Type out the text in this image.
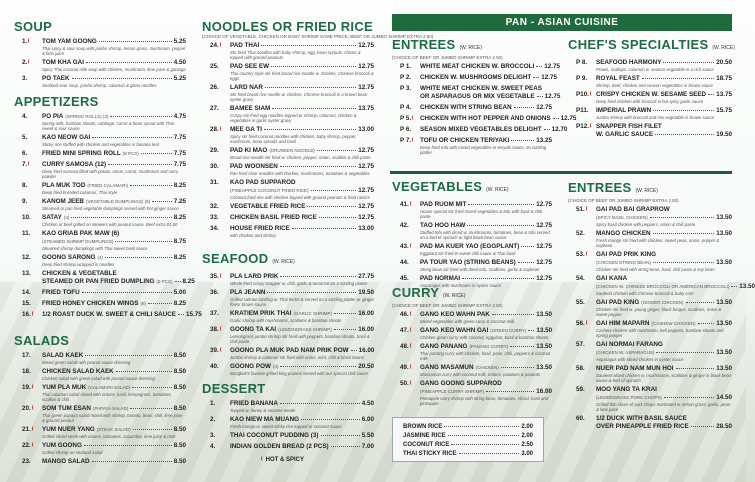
PAN - ASIAN CUISINE
SOUP
1.	TOM YAM GOONG	5.25
Thai spicy & sour soup with jumbo shrimp, lemon grass, mushroom, pepper & lime juice
2.	TOM KHA GAI	4.50
Spicy Thai coconut milk soup with chicken, mushroom, lime juice & galanga
3.	PO TAEK	5.25
Seafood sour soup, jumbo shrimp, calamari & glass noodles
APPETIZERS
4.	PO PIA (SPRING ROLLS) (3)	4.75
Spring rolls, bamboo shoots, cabbage, carrot & bean sprout with Thai sweet & sour sauce
5.	KAO NEOW GAI	7.75
Sticky rice stuffed with chicken and vegetables in banana leaf
6.	FRIED MINI SPRING ROLL (8 PCS)	7.75
7.	CURRY SAMOSA (12)	7.75
Deep fried samosa filled with potato, onion, carrot, mushroom and curry powder
8.	PLA MUK TOD (FRIED CALAMARI)	8.25
Deep fried breaded calamari, Thai style
9.	KANOM JEEB (VEGETABLE DUMPLINGS) (8)	7.25
Steamed or pan fried vegetable dumplings served with hot ginger sauce
10.	SATAY (4)	8.25
Chicken or beef grilled on skewers with peanut sauce. Beef extra $1.00
11.	KAO GRIAB PAK MAW (6)
(STEAMED SHRIMP DUMPLINGS)	8.75
Steamed shrimp dumplings with Thai sweet basil sauce
12.	GOONG SARONG (4)	8.25
Deep fried shrimp wrapped in noodles
13.	CHICKEN & VEGETABLE
STEAMED OR PAN FRIED DUMPLING (8 PCS) 8.25
14.	FRIED TOFU	5.00
15.	FRIED HONEY CHICKEN WINGS (8)	8.25
16.	1/2 ROAST DUCK W. SWEET & CHILI SAUCE 15.75
SALADS
17.	SALAD KAEK	8.50
Mixed green salad with peanut sauce dressing
18.	CHICKEN SALAD KAEK	8.50
Chicken salad with green salad with peanut sauce dressing
19.	YUM PLA MUK (CALAMARI SALAD)	8.50
Thai calamari salad mixed with onions, basil, lemongrass, tomatoes, scallion & chili
20.	SOM TUM ESAN (PAPAYA SALAD)	8.50
Thai green papaya salad mixed with shrimp, tomato, bean, chili, lime juice & ground peanut
21.	YUM NUER YANG (STEAK SALAD)	8.50
Grilled sliced steak with onions, tomatoes, cucumber, lime juice & mint
22.	YUM GOONG	8.50
Grilled shrimp on seafood salad
23.	MANGO SALAD	8.50
NOODLES OR FRIED RICE
(CHOICE OF VEGETABLE, CHICKEN OR BABY SHRIMP SAME PRICE, BEEF OR JUMBO SHRIMP EXTRA 2.50)
24.	PAD THAI	12.75
Stir fried Thai noodles with baby shrimp, egg, bean sprouts, chives & topped with ground peanuts
25.	PAD SEE EW	12.75
Thai country style stir fried broad rice noodle w. chicken, Chinese broccoli & eggs
26.	LARD NAR	12.75
Stir fried broad rice noodle w. chicken, Chinese broccoli in a brown bean oyster gravy
27.	BAMEE SIAM	13.75
Crispy stir fried egg noodles topped w. shrimp, calamari, chicken & vegetables in garlic oyster gravy
28.	MEE GA TI	13.00
Spicy stir fried coconut noodles with chicken, baby shrimp, pepper, mushroom, bean sprouts and basil
29.	PAD KI MAO (DRUNKEN NOODLE)	12.75
Broad rice noodle stir fried w. chicken, pepper, onion, scallion & chili paste
30.	PAD WOONSEN	12.75
Pan fried clear noodles with chicken, mushrooms, tomatoes & vegetables
31.	KAO PAD SUPPAROD
(PINEAPPLE COCONUT FRIED RICE)	12.75
Coconut fried rice with chicken topped with ground peanuts & fried raisins
32.	VEGETABLE FRIED RICE	12.75
33.	CHICKEN BASIL FRIED RICE	12.75
34.	HOUSE FRIED RICE	13.00
with chicken and shrimp
SEAFOOD (W. RICE)
35.	PLA LARD PRIK	27.75
Whole fried crispy snapper w. chili, garlic & tamarind on a sizzling platter
36.	PLA JEANN	19.50
Grilled salmon sizzling w. Thai herbs & served on a sizzling platter w. ginger flavor brown sauce
37.	KRATIEM PRIK THAI (GARLIC SHRIMP)	16.00
Garlic shrimp with mushrooms, scallions & bamboo shoots
38.	GOONG TA KAI (LEMONGRASS SHRIMP)	16.00
Lemongrass jumbo shrimp stir fried with peppers, bamboo shoots, basil & chili paste
39.	GOONG PLA MUK PAD NAM PRIK POW 16.00
Jumbo shrimp & calamari stir fried with onion, mint, chili & black beans
40.	GOONG POW (3)	20.50
Bangkok's favorite grilled king prawns served with our special chili sauce
DESSERT
1.	FRIED BANANA	4.50
Topped w. honey & sesame seeds
2.	KAO NIEW MA MUANG	6.00
Fresh mango w. sweet sticky rice topped w. coconut sauce
3.	THAI COCONUT PUDDING (3)	5.50
4.	INDIAN GOLDEN BREAD (2 PCS)	7.00
ENTREES (W. RICE)
(CHOICE OF BEEF OR JUMBO SHRIMP EXTRA 2.50)
P 1.	WHITE MEAT CHICKEN W. BROCCOLI 12.75
P 2.	CHICKEN W. MUSHROOMS DELIGHT 12.75
P 3.	WHITE MEAT CHICKEN W. SWEET PEAS
OR ASPARAGUS OR MIX VEGETABLE 12.75
P 4.	CHICKEN WITH STRING BEAN	12.75
P 5.	CHICKEN WITH HOT PEPPER AND ONIONS 12.75
P 6.	SEASON MIXED VEGETABLES DELIGHT 12.70
P 7.	TOFU OR CHICKEN TERIYAKI	13.25
Deep fried tofu with mixed vegetables in teriyaki sauce, on sizzling platter
VEGETABLES (W. RICE)
41.	PAD RUOM MIT	12.75
House special stir fried mixed vegetables & tofu with basil & chili paste
42.	TAO HOO HAW	12.75
Stuffed tofu with diced w. mushrooms, tomatoes, bean & tofu served on a bed of spinach w. light black bean sauce
43.	PAD MA KUER YAO (EGGPLANT)	12.75
Eggplant stir fried in sweet chili sauce & Thai basil
44.	PA TOUR YAO (STRING BEANS)	12.75
String bean stir fried with dried tofu, scallions, garlic & soybean
45.	PAD NORMAI	12.75
Asparagus with mushroom in oyster sauce
CURRY (W. RICE)
(CHOICE OF BEEF OR JUMBO SHRIMP EXTRA 2.50)
46.	GANG KEO WAHN PAK	13.50
Mixed vegetables with green curry & coconut milk
47.	GANG KEO WAHN GAI (GREEN CURRY) 13.50
Chicken green curry with coconut, eggplant, basil & bamboo shoots
48.	GANG PANANG (PANANG CURRY)	13.50
Thai panang curry with chicken, basil, peas, chili, peppers & coconut milk
49.	GANG MASAMUN (CHICKEN)	13.50
Massaman curry with coconut milk, onions, potatoes & peanuts
50.	GANG GOONG SUPPAROD
(PINEAPPLE CURRY SHRIMP)	16.00
Pineapple curry shrimp with string bean, tomatoes, sliced, basil and pineapple
CHEF'S SPECIALTIES (W. RICE)
P 8.	SEAFOOD HARMONY	20.50
Prawn, scallops, calamari w. season vegetable in a rich sauce
P 9.	ROYAL FEAST	18.75
Shrimp, beef, chicken and season vegetables in brown sauce
P10.	CRISPY CHICKEN W. SESAME SEED 13.75
Deep fried chicken with broccoli in hot spicy garlic sauce
P11.	IMPERIAL PRAWN	15.75
Jumbo shrimp with broccoli and mix vegetable in brown sauce
P12.	SNAPPER FISH FILET
W. GARLIC SAUCE	19.50
ENTREES (W. RICE)
(CHOICE OF BEEF OR JUMBO SHRIMP EXTRA 2.50)
51.	GAI PAD BAI GRAPROW
(SPICY BASIL CHICKEN)	13.50
Spicy basil chicken with peppers, onion & chili paste
52.	MANGO CHICKEN	13.50
Fresh mango stir fried with chicken, sweet peas, onion, pepper & soybean
53.	GAI PAD PRIK KING
(CHICKEN STRING BEAN)	13.50
Chicken stir fried with string bean, basil, chili paste & soy bean
54.	GAI KANA
(CHICKEN W. CHINESE BROCCOLI OR AMERICAN BROCCOLI) 13.50
Sauteed chicken with Chinese broccoli & baby corn
55.	GAI PAD KING (GINGER CHICKEN)	13.50
Chicken stir fried w. young ginger, black fungus, scallions, onion & sweet pepper
56.	GAI HIM MAPARN (CASHEW CHICKEN)	13.50
Cashew chicken with mushroom, bell peppers, bamboo shoots and spring pepper
57.	GAI NORMAI FARANG
(CHICKEN W. ASPARAGUS)	13.50
Asparagus with sliced chicken in oyster sauce
58.	NUER PAD NAM MUN HOI	13.50
Sauteed sliced chicken w. mushrooms, scallions & ginger in black bean sauce & bed of spinach
59.	MOO YANG TA KRAI
(LEMONGRASS PORK CHOPS)	14.50
Grilled thin slices of pork chops marinated w. lemon grass, garlic, peas & lime juice
60.	1/2 DUCK WITH BASIL SAUCE
OVER PINEAPPLE FRIED RICE	28.50
BROWN RICE	2.00
JASMINE RICE	2.00
COCONUT RICE	2.50
THAI STICKY RICE	3.00
HOT & SPICY
